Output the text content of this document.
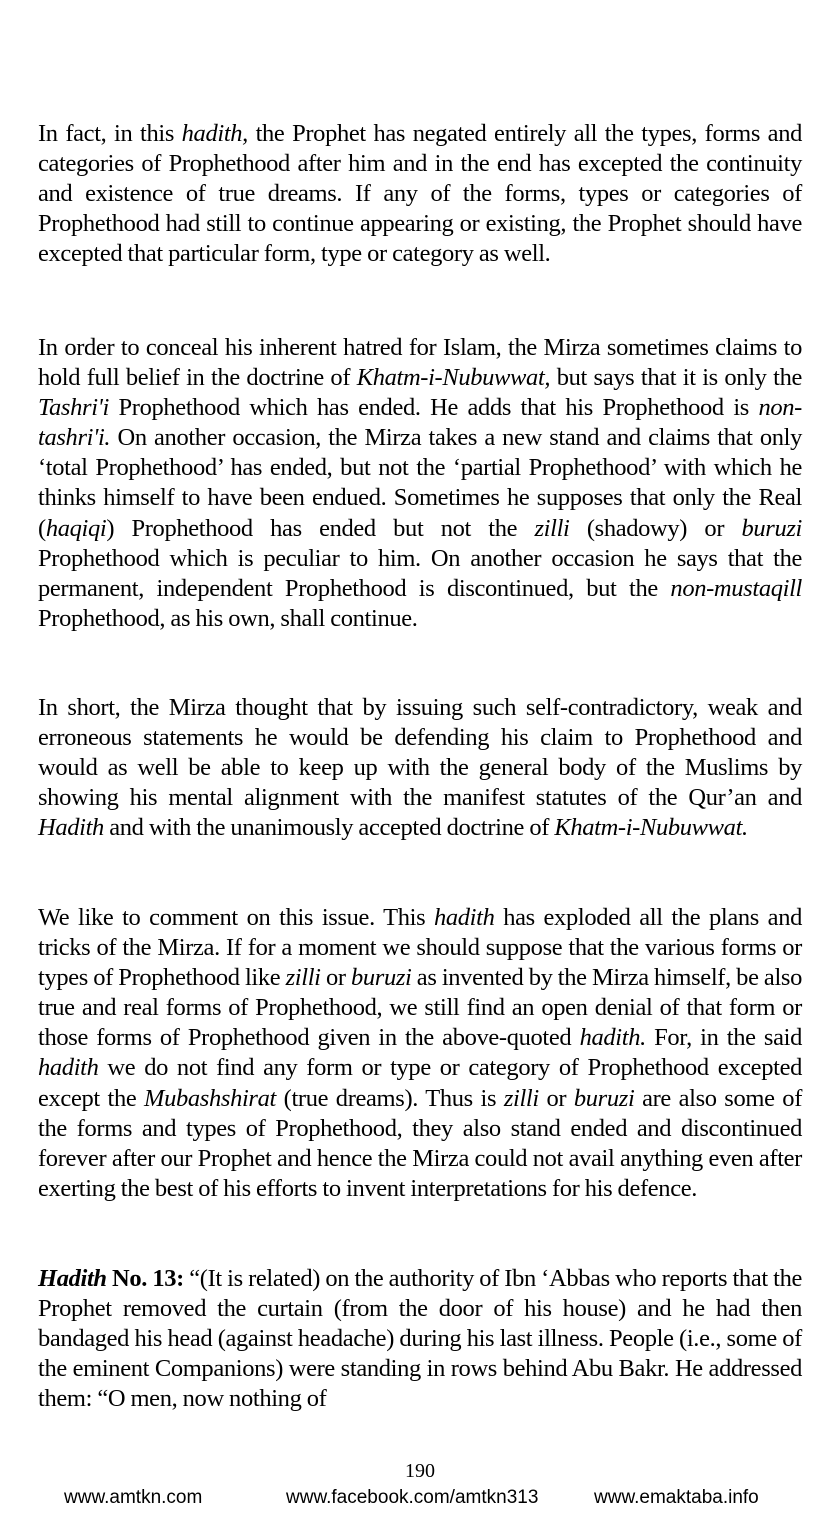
In fact, in this hadith, the Prophet has negated entirely all the types, forms and categories of Prophethood after him and in the end has excepted the continuity and existence of true dreams. If any of the forms, types or categories of Prophethood had still to continue appearing or existing, the Prophet should have excepted that particular form, type or category as well.

In order to conceal his inherent hatred for Islam, the Mirza sometimes claims to hold full belief in the doctrine of Khatm-i-Nubuwwat, but says that it is only the Tashri'i Prophethood which has ended. He adds that his Prophethood is non-tashri'i. On another occasion, the Mirza takes a new stand and claims that only ‘total Prophethood’ has ended, but not the ‘partial Prophethood’ with which he thinks himself to have been endued. Sometimes he supposes that only the Real (haqiqi) Prophethood has ended but not the zilli (shadowy) or buruzi Prophethood which is peculiar to him. On another occasion he says that the permanent, independent Prophethood is discontinued, but the non-mustaqill Prophethood, as his own, shall continue.

In short, the Mirza thought that by issuing such self-contradictory, weak and erroneous statements he would be defending his claim to Prophethood and would as well be able to keep up with the general body of the Muslims by showing his mental alignment with the manifest statutes of the Qur’an and Hadith and with the unanimously accepted doctrine of Khatm-i-Nubuwwat.

We like to comment on this issue. This hadith has exploded all the plans and tricks of the Mirza. If for a moment we should suppose that the various forms or types of Prophethood like zilli or buruzi as invented by the Mirza himself, be also true and real forms of Prophethood, we still find an open denial of that form or those forms of Prophethood given in the above-quoted hadith. For, in the said hadith we do not find any form or type or category of Prophethood excepted except the Mubashshirat (true dreams). Thus is zilli or buruzi are also some of the forms and types of Prophethood, they also stand ended and discontinued forever after our Prophet and hence the Mirza could not avail anything even after exerting the best of his efforts to invent interpretations for his defence.

Hadith No. 13: “(It is related) on the authority of Ibn ‘Abbas who reports that the Prophet removed the curtain (from the door of his house) and he had then bandaged his head (against headache) during his last illness. People (i.e., some of the eminent Companions) were standing in rows behind Abu Bakr. He addressed them: “O men, now nothing of

190
www.amtkn.com	www.facebook.com/amtkn313	www.emaktaba.info
